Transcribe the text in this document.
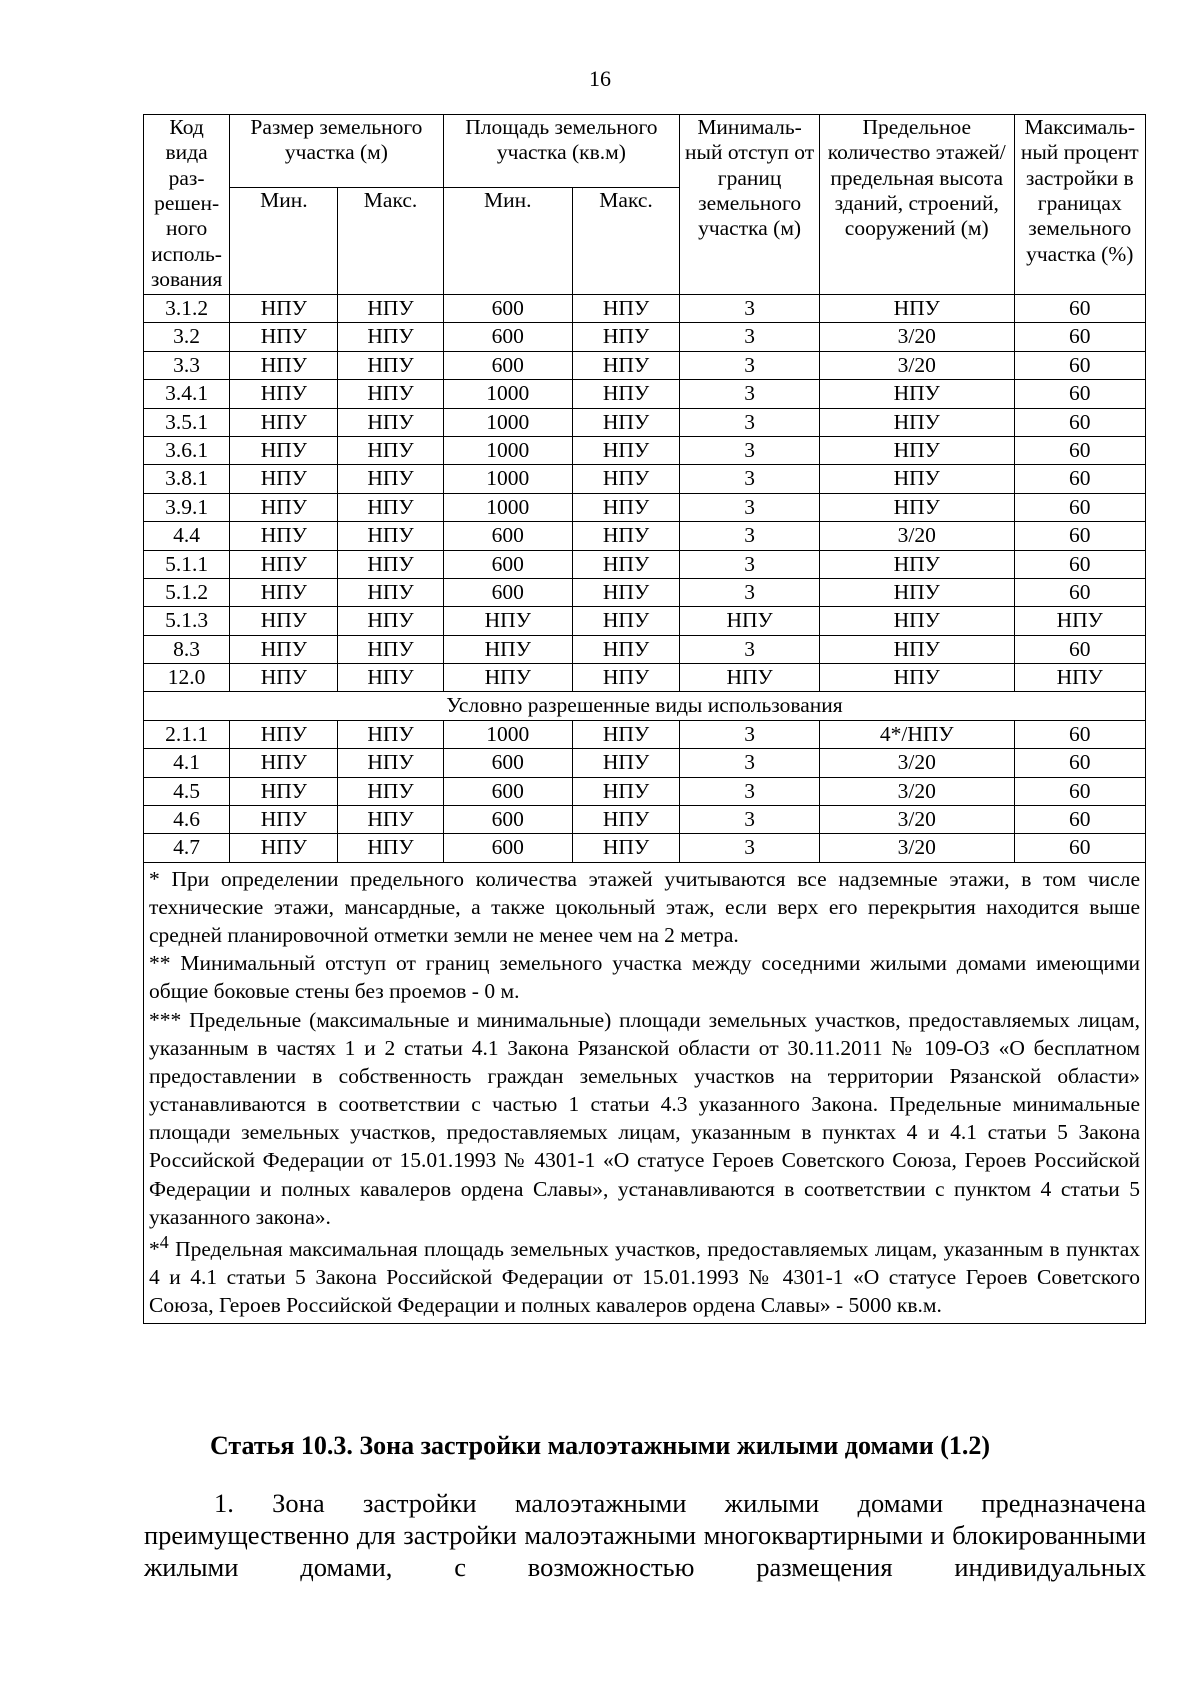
16
Код вида раз-решен-ного исполь-зования	Размер земельного участка (м)		Площадь земельного участка (кв.м)		Минималь-ный отступ от границ земельного участка (м)	Предельное количество этажей/ предельная высота зданий, строений, сооружений (м)	Максималь-ный процент застройки в границах земельного участка (%)
	Мин.	Макс.	Мин.	Макс.			
3.1.2	НПУ	НПУ	600	НПУ	3	НПУ	60
3.2	НПУ	НПУ	600	НПУ	3	3/20	60
3.3	НПУ	НПУ	600	НПУ	3	3/20	60
3.4.1	НПУ	НПУ	1000	НПУ	3	НПУ	60
3.5.1	НПУ	НПУ	1000	НПУ	3	НПУ	60
3.6.1	НПУ	НПУ	1000	НПУ	3	НПУ	60
3.8.1	НПУ	НПУ	1000	НПУ	3	НПУ	60
3.9.1	НПУ	НПУ	1000	НПУ	3	НПУ	60
4.4	НПУ	НПУ	600	НПУ	3	3/20	60
5.1.1	НПУ	НПУ	600	НПУ	3	НПУ	60
5.1.2	НПУ	НПУ	600	НПУ	3	НПУ	60
5.1.3	НПУ	НПУ	НПУ	НПУ	НПУ	НПУ	НПУ
8.3	НПУ	НПУ	НПУ	НПУ	3	НПУ	60
12.0	НПУ	НПУ	НПУ	НПУ	НПУ	НПУ	НПУ
Условно разрешенные виды использования							
2.1.1	НПУ	НПУ	1000	НПУ	3	4*/НПУ	60
4.1	НПУ	НПУ	600	НПУ	3	3/20	60
4.5	НПУ	НПУ	600	НПУ	3	3/20	60
4.6	НПУ	НПУ	600	НПУ	3	3/20	60
4.7	НПУ	НПУ	600	НПУ	3	3/20	60

* При определении предельного количества этажей учитываются все надземные этажи, в том числе технические этажи, мансардные, а также цокольный этаж, если верх его перекрытия находится выше средней планировочной отметки земли не менее чем на 2 метра.

** Минимальный отступ от границ земельного участка между соседними жилыми домами имеющими общие боковые стены без проемов - 0 м.

*** Предельные (максимальные и минимальные) площади земельных участков, предоставляемых лицам, указанным в частях 1 и 2 статьи 4.1 Закона Рязанской области от 30.11.2011 № 109-ОЗ «О бесплатном предоставлении в собственность граждан земельных участков на территории Рязанской области» устанавливаются в соответствии с частью 1 статьи 4.3 указанного Закона. Предельные минимальные площади земельных участков, предоставляемых лицам, указанным в пунктах 4 и 4.1 статьи 5 Закона Российской Федерации от 15.01.1993 № 4301-1 «О статусе Героев Советского Союза, Героев Российской Федерации и полных кавалеров ордена Славы», устанавливаются в соответствии с пунктом 4 статьи 5 указанного закона».

*$^4$ Предельная максимальная площадь земельных участков, предоставляемых лицам, указанным в пунктах 4 и 4.1 статьи 5 Закона Российской Федерации от 15.01.1993 № 4301-1 «О статусе Героев Советского Союза, Героев Российской Федерации и полных кавалеров ордена Славы» - 5000 кв.м.							

Статья 10.3. Зона застройки малоэтажными жилыми домами (1.2)

1. Зона застройки малоэтажными жилыми домами предназначена преимущественно для застройки малоэтажными многоквартирными и блокированными жилыми домами, с возможностью размещения индивидуальных
